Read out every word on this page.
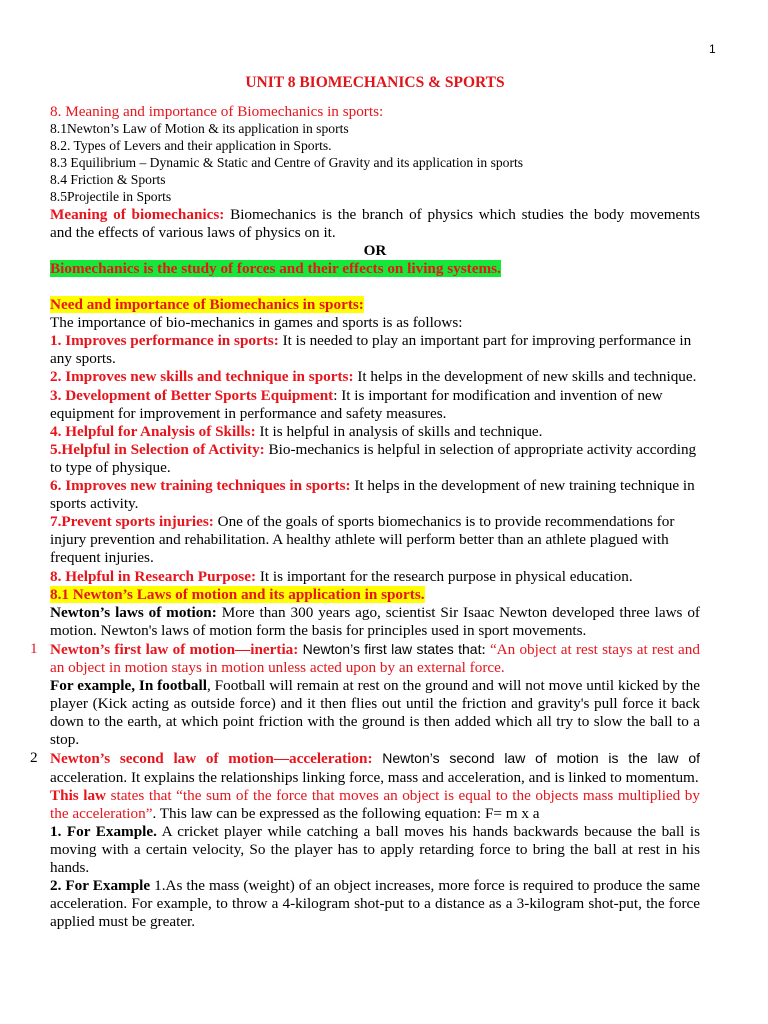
1

UNIT 8 BIOMECHANICS & SPORTS

8. Meaning and importance of Biomechanics in sports:

8.1Newton’s Law of Motion & its application in sports

8.2. Types of Levers and their application in Sports.

8.3 Equilibrium – Dynamic & Static and Centre of Gravity and its application in sports

8.4 Friction & Sports

8.5Projectile in Sports

Meaning of biomechanics: Biomechanics is the branch of physics which studies the body movements and the effects of various laws of physics on it.

OR

Biomechanics is the study of forces and their effects on living systems.

Need and importance of Biomechanics in sports:

The importance of bio-mechanics in games and sports is as follows:

1. Improves performance in sports: It is needed to play an important part for improving performance in any sports.

2. Improves new skills and technique in sports: It helps in the development of new skills and technique.

3. Development of Better Sports Equipment: It is important for modification and invention of new equipment for improvement in performance and safety measures.

4. Helpful for Analysis of Skills: It is helpful in analysis of skills and technique.

5.Helpful in Selection of Activity: Bio-mechanics is helpful in selection of appropriate activity according to type of physique.

6. Improves new training techniques in sports: It helps in the development of new training technique in sports activity.

7.Prevent sports injuries: One of the goals of sports biomechanics is to provide recommendations for injury prevention and rehabilitation. A healthy athlete will perform better than an athlete plagued with frequent injuries.

8. Helpful in Research Purpose: It is important for the research purpose in physical education.

8.1 Newton’s Laws of motion and its application in sports.

Newton’s laws of motion: More than 300 years ago, scientist Sir Isaac Newton developed three laws of motion. Newton's laws of motion form the basis for principles used in sport movements.

1 Newton’s first law of motion—inertia: Newton’s first law states that: “An object at rest stays at rest and an object in motion stays in motion unless acted upon by an external force.

For example, In football, Football will remain at rest on the ground and will not move until kicked by the player (Kick acting as outside force) and it then flies out until the friction and gravity's pull force it back down to the earth, at which point friction with the ground is then added which all try to slow the ball to a stop.

2 Newton’s second law of motion—acceleration: Newton’s second law of motion is the law of acceleration. It explains the relationships linking force, mass and acceleration, and is linked to momentum.

This law states that “the sum of the force that moves an object is equal to the objects mass multiplied by the acceleration”. This law can be expressed as the following equation: F= m x a

1. For Example. A cricket player while catching a ball moves his hands backwards because the ball is moving with a certain velocity, So the player has to apply retarding force to bring the ball at rest in his hands.

2. For Example 1.As the mass (weight) of an object increases, more force is required to produce the same acceleration. For example, to throw a 4-kilogram shot-put to a distance as a 3-kilogram shot-put, the force applied must be greater.
